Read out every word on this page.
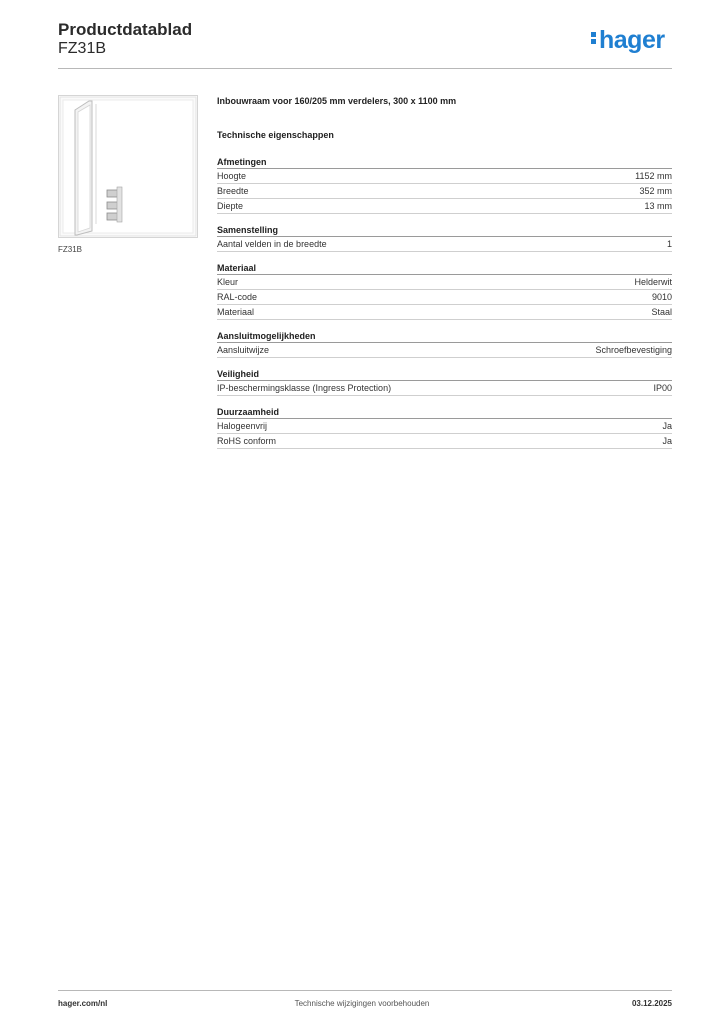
Productdatablad
FZ31B	hager
FZ31B
Inbouwraam voor 160/205 mm verdelers, 300 x 1100 mm
Technische eigenschappen
Afmetingen
Hoogte	1152 mm
Breedte	352 mm
Diepte	13 mm
Samenstelling
Aantal velden in de breedte	1
Materiaal
Kleur	Helderwit
RAL-code	9010
Materiaal	Staal
Aansluitmogelijkheden
Aansluitwijze	Schroefbevestiging
Veiligheid
IP-beschermingsklasse (Ingress Protection)	IP00
Duurzaamheid
Halogeenvrij	Ja
RoHS conform	Ja
hager.com/nl	Technische wijzigingen voorbehouden	03.12.2025
